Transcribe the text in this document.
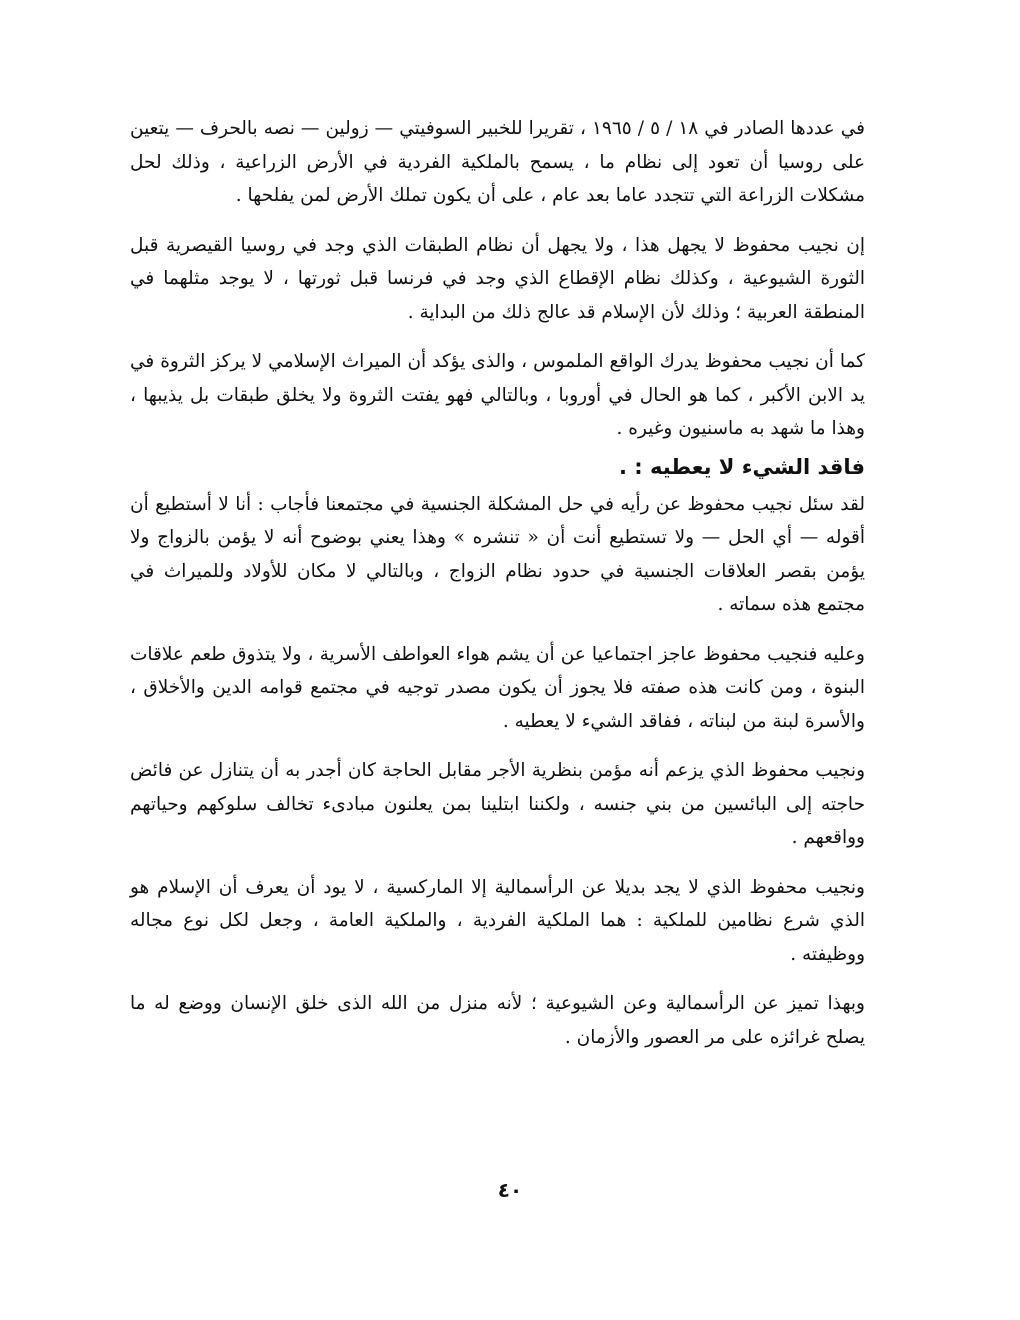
في عددها الصادر في ١٨ / ٥ / ١٩٦٥ ، تقريرا للخبير السوفيتي — زولين — نصه بالحرف — يتعين على روسيا أن تعود إلى نظام ما ، يسمح بالملكية الفردية في الأرض الزراعية ، وذلك لحل مشكلات الزراعة التي تتجدد عاما بعد عام ، على أن يكون تملك الأرض لمن يفلحها .

إن نجيب محفوظ لا يجهل هذا ، ولا يجهل أن نظام الطبقات الذي وجد في روسيا القيصرية قبل الثورة الشيوعية ، وكذلك نظام الإقطاع الذي وجد في فرنسا قبل ثورتها ، لا يوجد مثلهما في المنطقة العربية ؛ وذلك لأن الإسلام قد عالج ذلك من البداية .

كما أن نجيب محفوظ يدرك الواقع الملموس ، والذى يؤكد أن الميراث الإسلامي لا يركز الثروة في يد الابن الأكبر ، كما هو الحال في أوروبا ، وبالتالي فهو يفتت الثروة ولا يخلق طبقات بل يذيبها ، وهذا ما شهد به ماسنيون وغيره .

فاقد الشيء لا يعطيه : .

لقد سئل نجيب محفوظ عن رأيه في حل المشكلة الجنسية في مجتمعنا فأجاب : أنا لا أستطيع أن أقوله — أي الحل — ولا تستطيع أنت أن « تنشره » وهذا يعني بوضوح أنه لا يؤمن بالزواج ولا يؤمن بقصر العلاقات الجنسية في حدود نظام الزواج ، وبالتالي لا مكان للأولاد وللميراث في مجتمع هذه سماته .

وعليه فنجيب محفوظ عاجز اجتماعيا عن أن يشم هواء العواطف الأسرية ، ولا يتذوق طعم علاقات البنوة ، ومن كانت هذه صفته فلا يجوز أن يكون مصدر توجيه في مجتمع قوامه الدين والأخلاق ، والأسرة لبنة من لبناته ، ففاقد الشيء لا يعطيه .

ونجيب محفوظ الذي يزعم أنه مؤمن بنظرية الأجر مقابل الحاجة كان أجدر به أن يتنازل عن فائض حاجته إلى البائسين من بني جنسه ، ولكننا ابتلينا بمن يعلنون مبادىء تخالف سلوكهم وحياتهم وواقعهم .

ونجيب محفوظ الذي لا يجد بديلا عن الرأسمالية إلا الماركسية ، لا يود أن يعرف أن الإسلام هو الذي شرع نظامين للملكية : هما الملكية الفردية ، والملكية العامة ، وجعل لكل نوع مجاله ووظيفته .

وبهذا تميز عن الرأسمالية وعن الشيوعية ؛ لأنه منزل من الله الذى خلق الإنسان ووضع له ما يصلح غرائزه على مر العصور والأزمان .

٤٠
